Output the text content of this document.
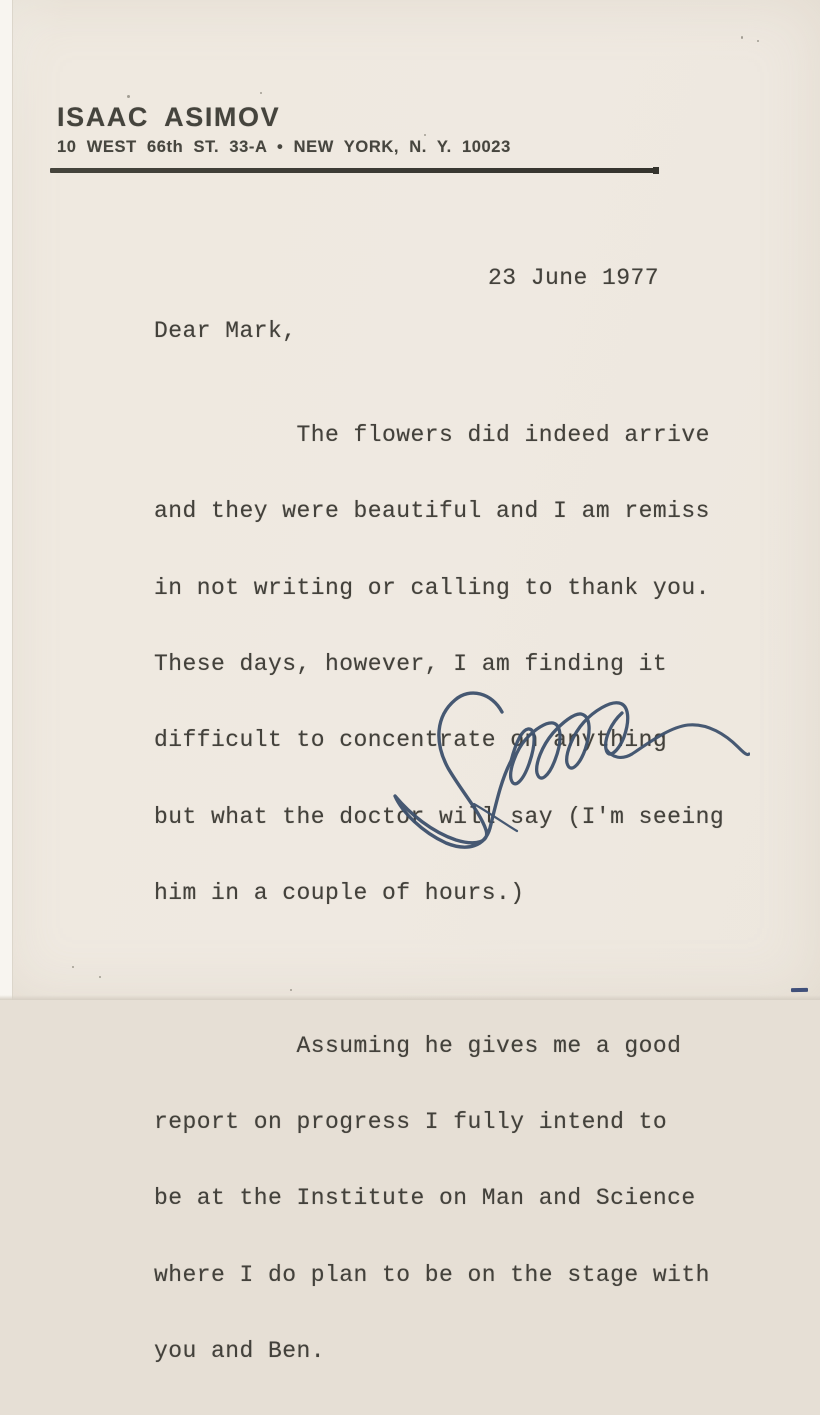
ISAAC ASIMOV
10 WEST 66th ST. 33-A • NEW YORK, N. Y. 10023
23 June 1977
Dear Mark,

The flowers did indeed arrive

and they were beautiful and I am remiss

in not writing or calling to thank you.

These days, however, I am finding it

difficult to concentrate on anything

but what the doctor will say (I'm seeing

him in a couple of hours.)

Assuming he gives me a good

report on progress I fully intend to

be at the Institute on Man and Science

where I do plan to be on the stage with

you and Ben.
